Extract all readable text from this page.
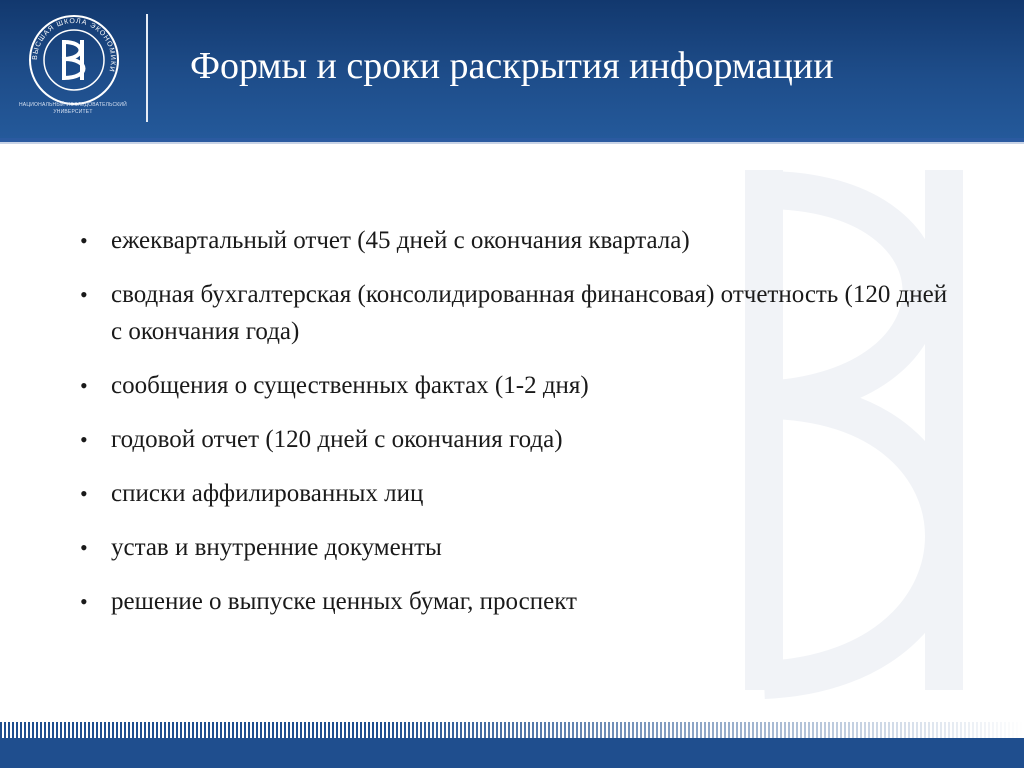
ВЫСШАЯ ШКОЛА ЭКОНОМИКИ
НАЦИОНАЛЬНЫЙ ИССЛЕДОВАТЕЛЬСКИЙ УНИВЕРСИТЕТ
Формы и сроки раскрытия информации
• ежеквартальный отчет (45 дней с окончания квартала)
• сводная бухгалтерская (консолидированная финансовая) отчетность (120 дней с окончания года)
• сообщения о существенных фактах (1-2 дня)
• годовой отчет (120 дней с окончания года)
• списки аффилированных лиц
• устав и внутренние документы
• решение о выпуске ценных бумаг, проспект
